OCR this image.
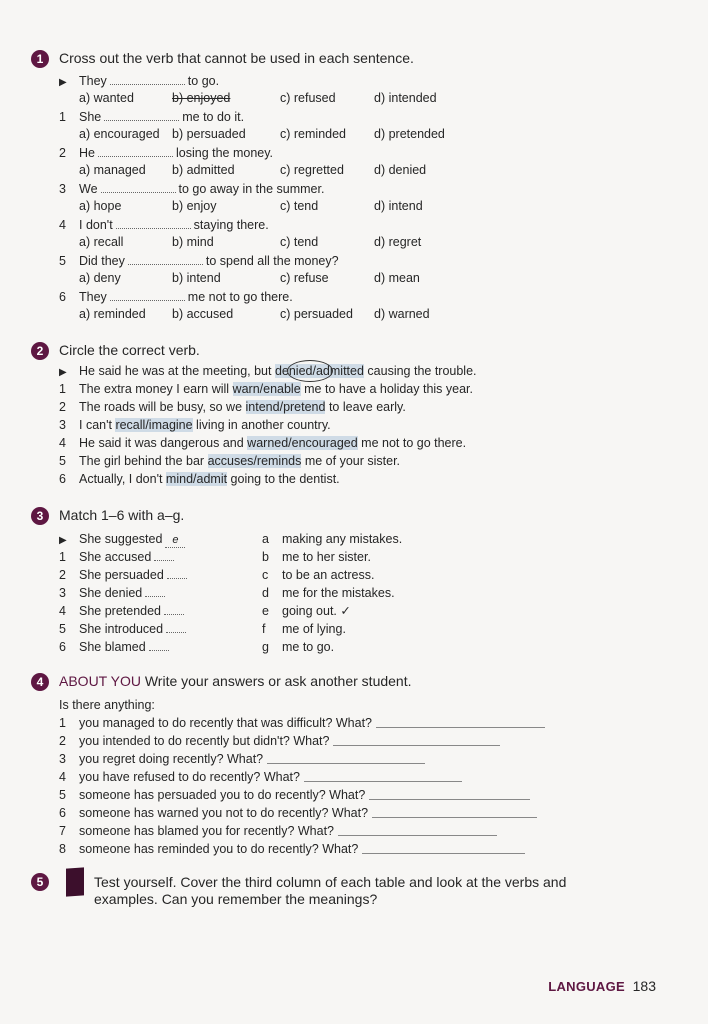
1	Cross out the verb that cannot be used in each sentence.
▶ They	to go.
a) wanted	b) enjoyed	c) refused	d) intended
1 She	me to do it.
a) encouraged b) persuaded	c) reminded d) pretended
2 He	losing the money.
a) managed b) admitted	c) regretted d) denied
3 We	to go away in the summer.
a) hope	b) enjoy	c) tend	d) intend
4 I don't	staying there.
a) recall	b) mind	c) tend	d) regret
5 Did they	to spend all the money?
a) deny	b) intend	c) refuse	d) mean
6 They	me not to go there.
a) reminded b) accused	c) persuaded d) warned
2	Circle the correct verb.
▶ He said he was at the meeting, but denied/admitted causing the trouble.
1 The extra money I earn will warn/enable me to have a holiday this year.
2 The roads will be busy, so we intend/pretend to leave early.
3 I can't recall/imagine living in another country.
4 He said it was dangerous and warned/encouraged me not to go there.
5 The girl behind the bar accuses/reminds me of your sister.
6 Actually, I don't mind/admit going to the dentist.
3	Match 1–6 with a–g.
▶ She suggested e	a making any mistakes.
1 She accused	b me to her sister.
2 She persuaded	c to be an actress.
3 She denied	d me for the mistakes.
4 She pretended	e going out. ✓
5 She introduced	f me of lying.
6 She blamed	g me to go.
4	ABOUT YOU Write your answers or ask another student.
Is there anything:
1 you managed to do recently that was difficult? What?
2 you intended to do recently but didn't? What?
3 you regret doing recently? What?
4 you have refused to do recently? What?
5 someone has persuaded you to do recently? What?
6 someone has warned you not to do recently? What?
7 someone has blamed you for recently? What?
8 someone has reminded you to do recently? What?
5	Test yourself. Cover the third column of each table and look at the verbs and
examples. Can you remember the meanings?
LANGUAGE 183
